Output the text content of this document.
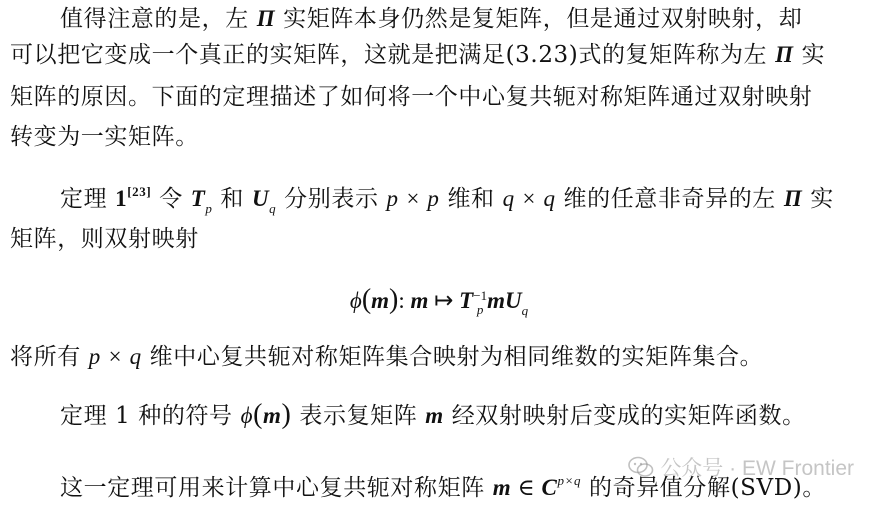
值得注意的是，左 Π 实矩阵本身仍然是复矩阵，但是通过双射映射，却
可以把它变成一个真正的实矩阵，这就是把满足(3.23)式的复矩阵称为左 Π 实
矩阵的原因。下面的定理描述了如何将一个中心复共轭对称矩阵通过双射映射
转变为一实矩阵。
定理 1[23] 令 $T_p$ 和 $U_q$ 分别表示 p × p 维和 q × q 维的任意非奇异的左 Π 实
矩阵，则双射映射
ϕ(m): m ↦ T −1
p $mU_q$
将所有 p × q 维中心复共轭对称矩阵集合映射为相同维数的实矩阵集合。
定理 1 种的符号 ϕ(m) 表示复矩阵 m 经双射映射后变成的实矩阵函数。
这一定理可用来计算中心复共轭对称矩阵 m ∈ $C^{p\times q}$ 的奇异值分解(SVD)。
公众号 · EW Frontier
